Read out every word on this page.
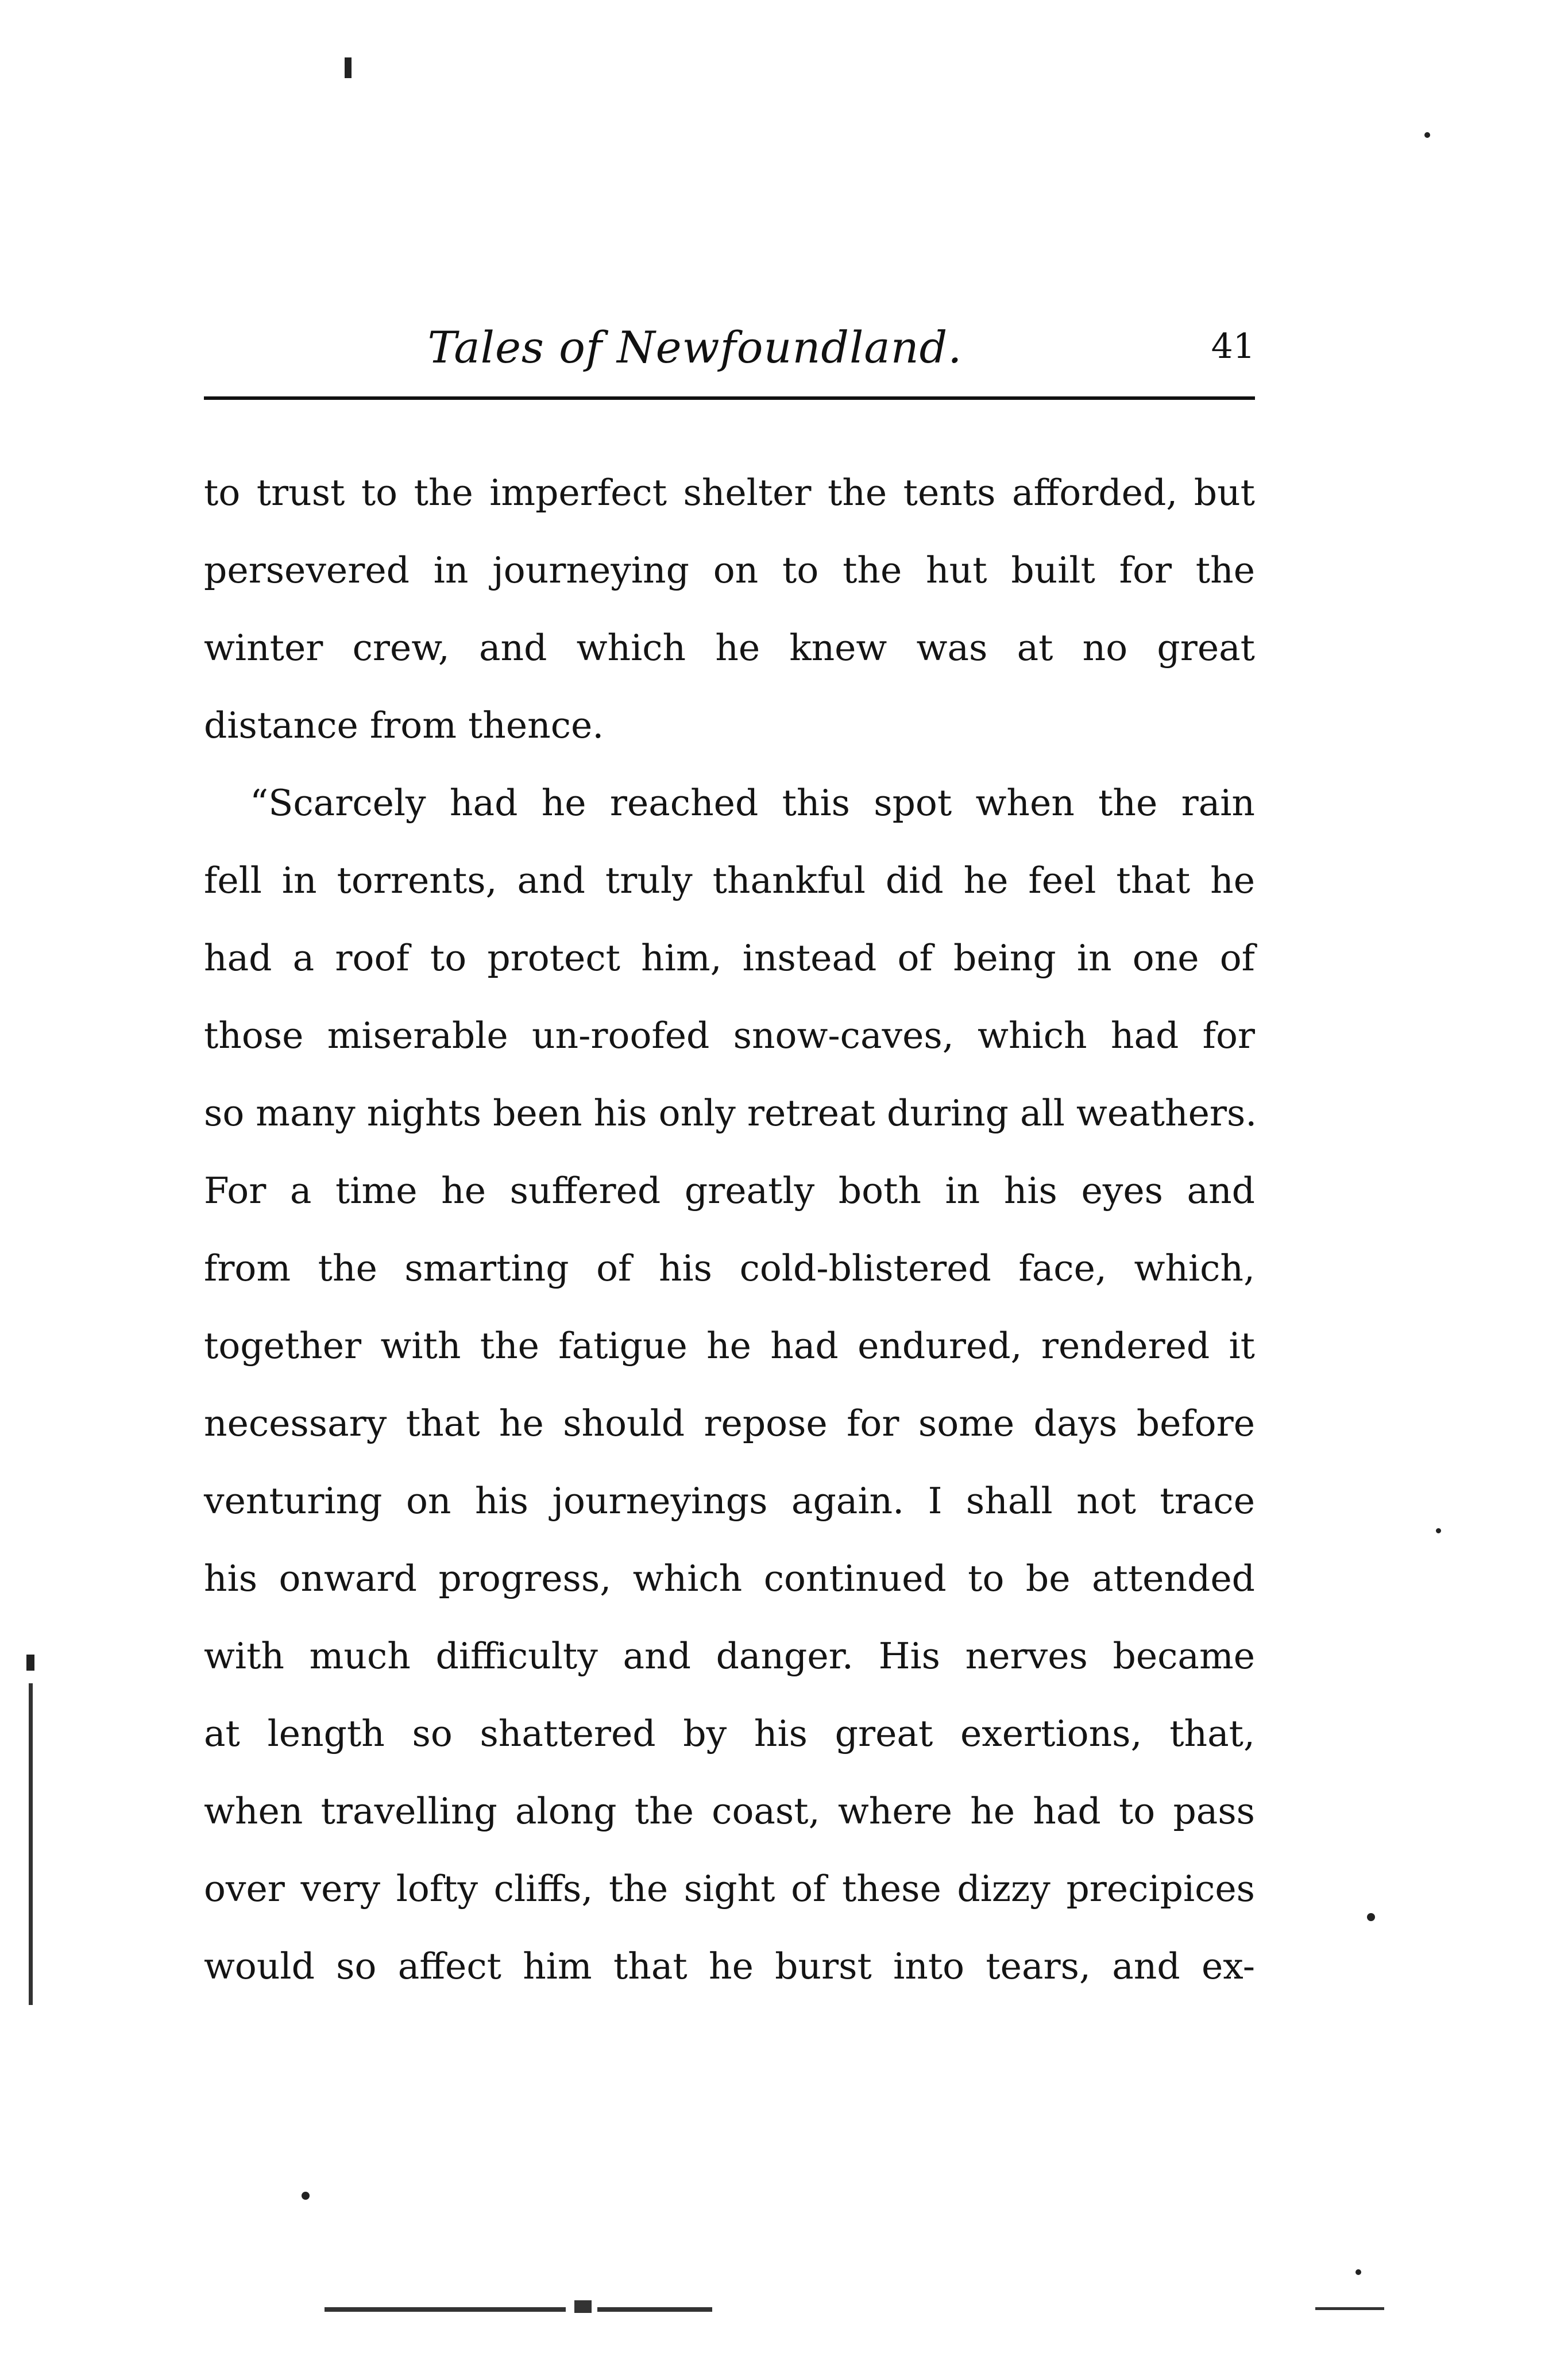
Tales of Newfoundland.	41
to trust to the imperfect shelter the tents afforded, but
persevered in journeying on to the hut built for the
winter crew, and which he knew was at no great
distance from thence.
“Scarcely had he reached this spot when the rain
fell in torrents, and truly thankful did he feel that he
had a roof to protect him, instead of being in one of
those miserable un-roofed snow-caves, which had for
so many nights been his only retreat during all weathers.
For a time he suffered greatly both in his eyes and
from the smarting of his cold-blistered face, which,
together with the fatigue he had endured, rendered it
necessary that he should repose for some days before
venturing on his journeyings again. I shall not trace
his onward progress, which continued to be attended
with much difficulty and danger. His nerves became
at length so shattered by his great exertions, that,
when travelling along the coast, where he had to pass
over very lofty cliffs, the sight of these dizzy precipices
would so affect him that he burst into tears, and ex-
